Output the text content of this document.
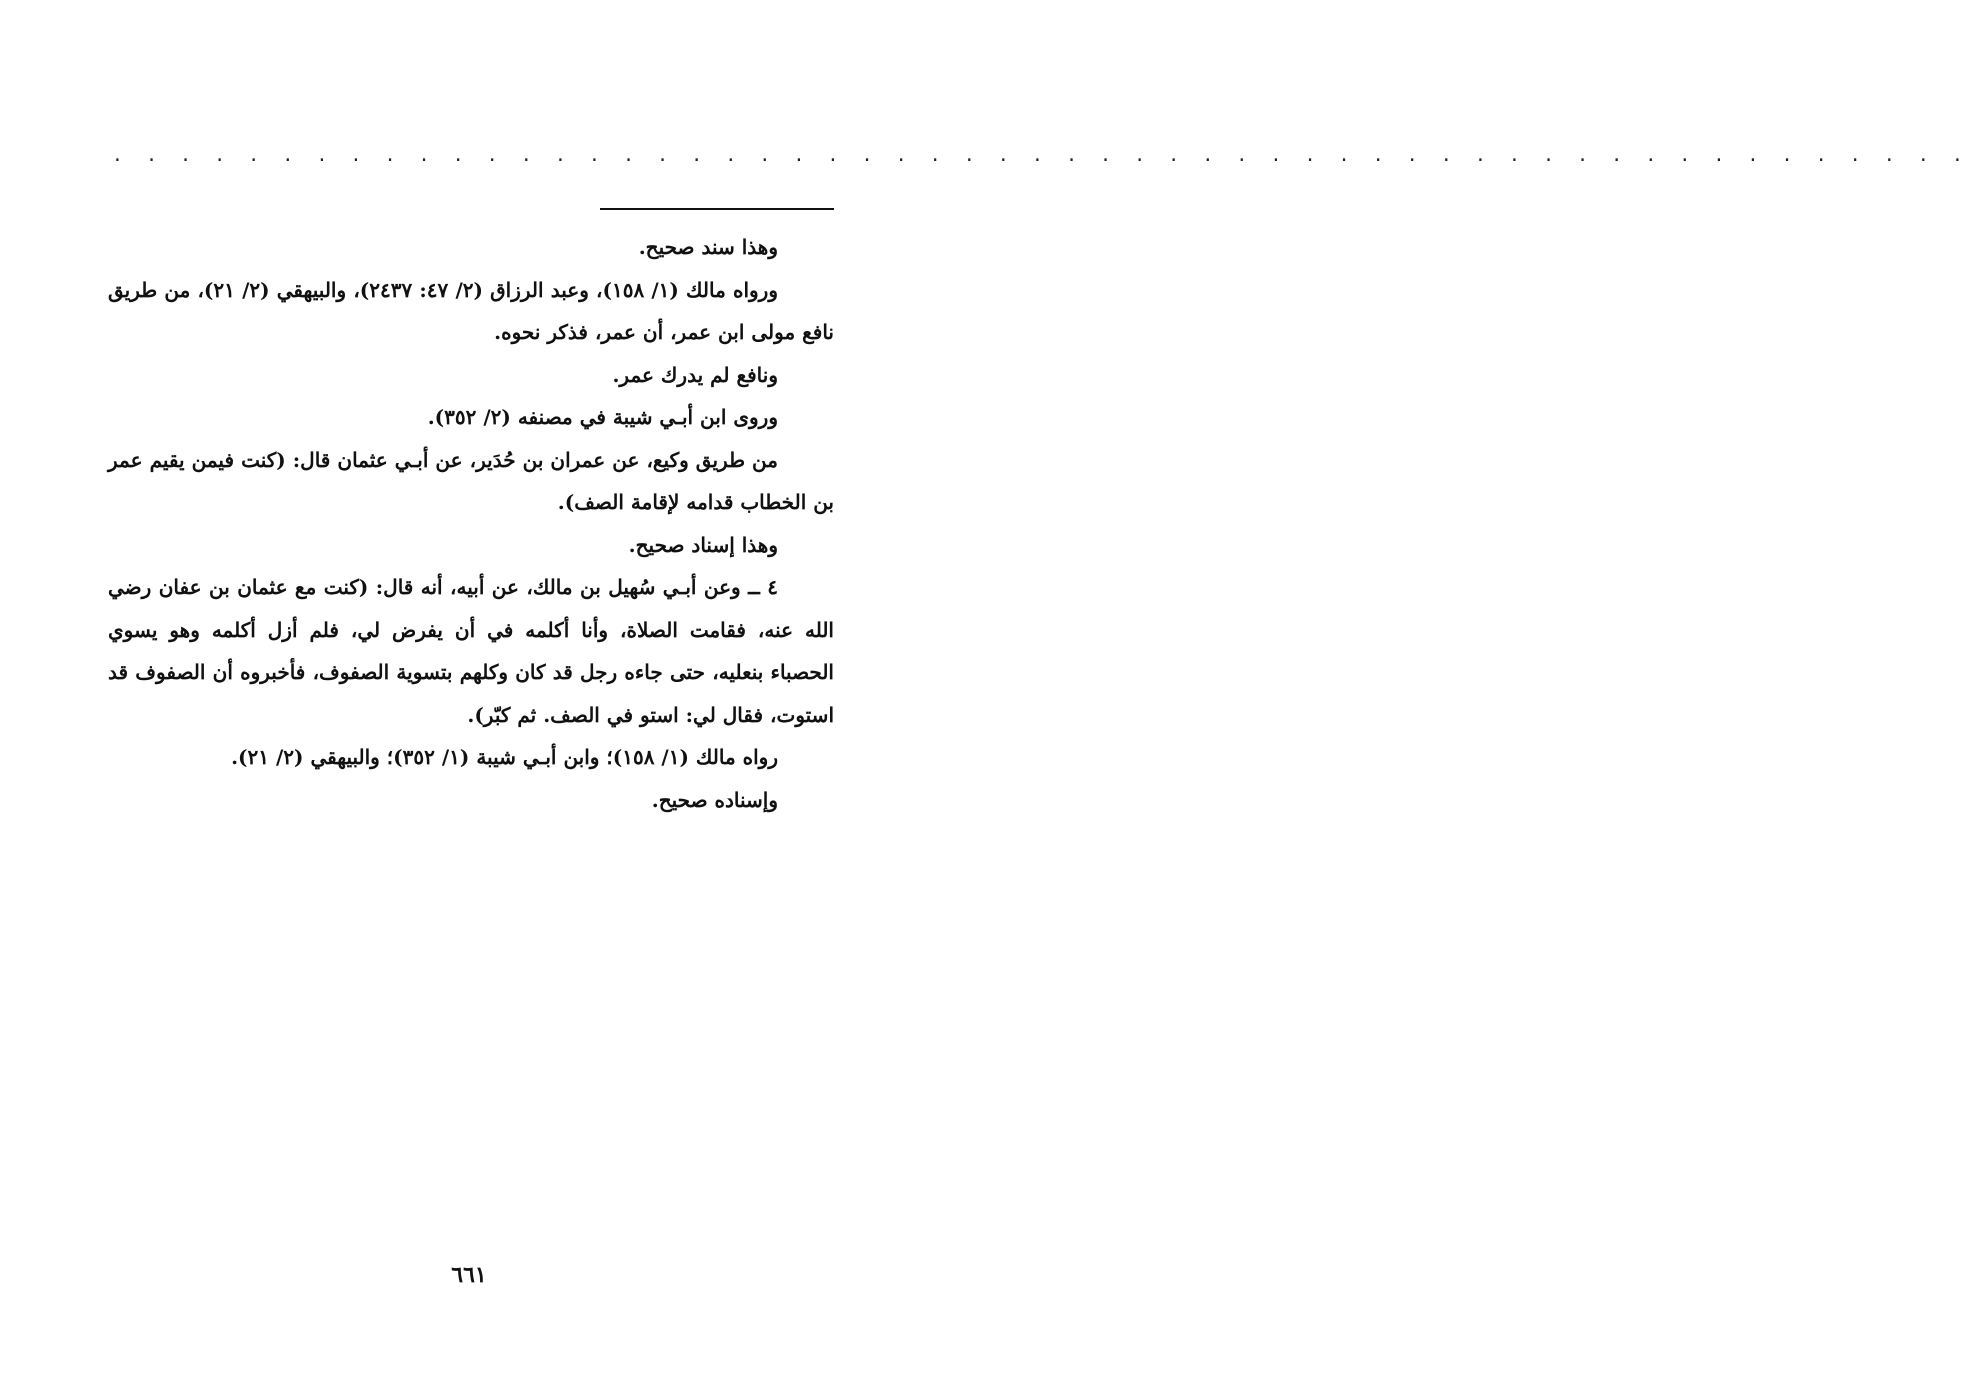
. . . . . . . . . . . . . . . . . . . . . . . . . . . . . . . . . . . . . . . . . . . . . . . . . . . . . . .

وهذا سند صحيح.

ورواه مالك (١/ ١٥٨)، وعبد الرزاق (٢/ ٤٧: ٢٤٣٧)، والبيهقي (٢/ ٢١)، من طريق نافع مولى ابن عمر، أن عمر، فذكر نحوه.

ونافع لم يدرك عمر.

وروى ابن أبـي شيبة في مصنفه (٢/ ٣٥٢).

من طريق وكيع، عن عمران بن حُدَير، عن أبـي عثمان قال: (كنت فيمن يقيم عمر بن الخطاب قدامه لإقامة الصف).

وهذا إسناد صحيح.

٤ ــ وعن أبـي سُهيل بن مالك، عن أبيه، أنه قال: (كنت مع عثمان بن عفان رضي الله عنه، فقامت الصلاة، وأنا أكلمه في أن يفرض لي، فلم أزل أكلمه وهو يسوي الحصباء بنعليه، حتى جاءه رجل قد كان وكلهم بتسوية الصفوف، فأخبروه أن الصفوف قد استوت، فقال لي: استو في الصف. ثم كبّر).

رواه مالك (١/ ١٥٨)؛ وابن أبـي شيبة (١/ ٣٥٢)؛ والبيهقي (٢/ ٢١).

وإسناده صحيح.

٦٦١
